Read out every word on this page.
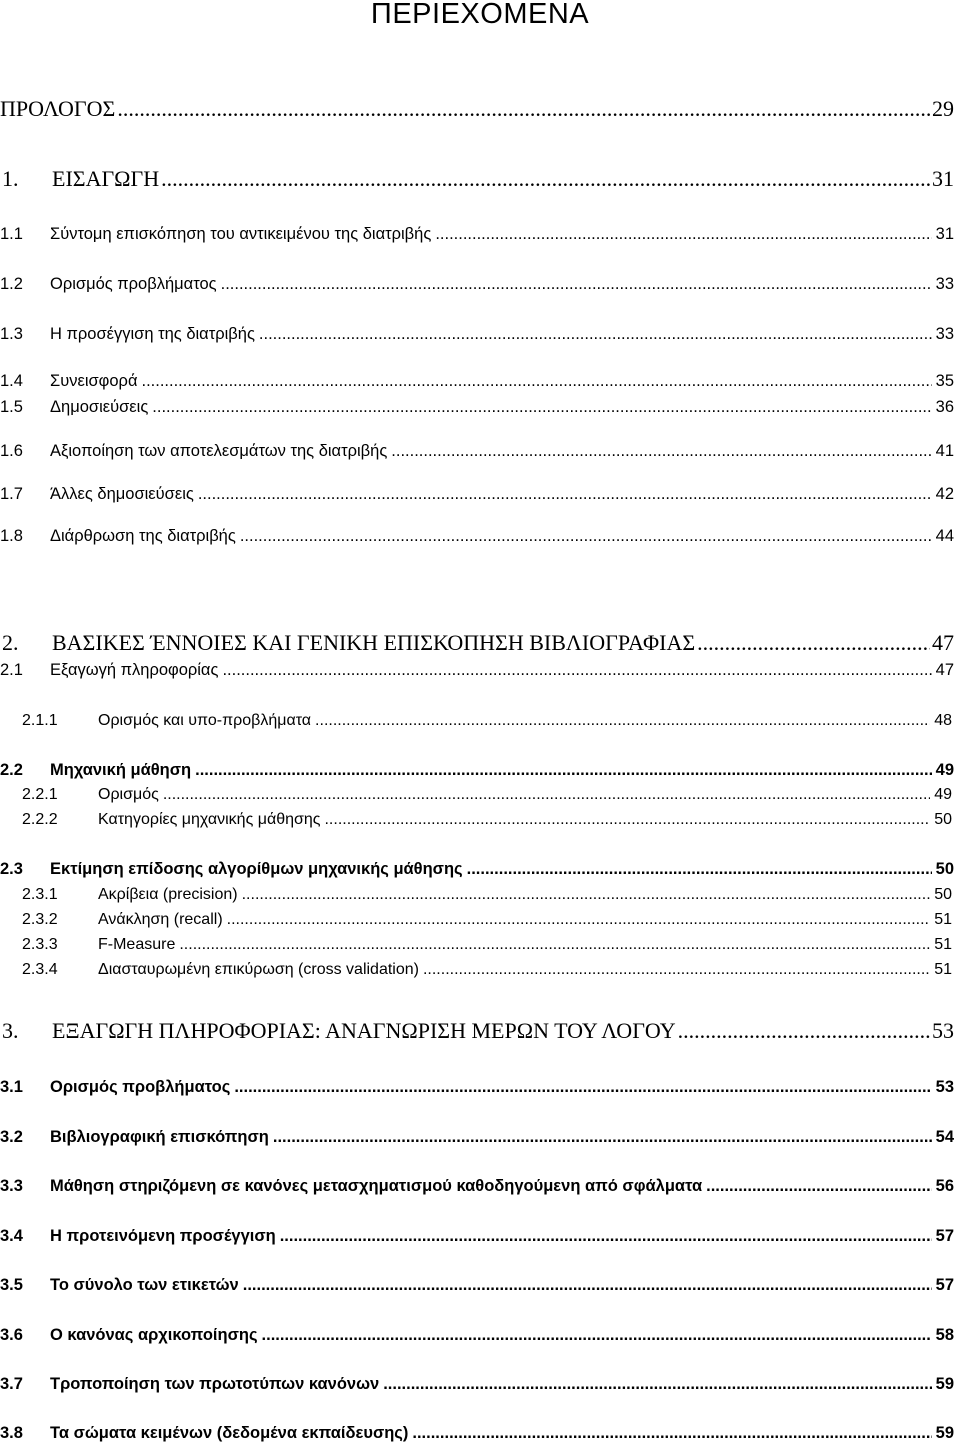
ΠΕΡΙΕΧΟΜΕΝΑ
ΠΡΟΛΟΓΟΣ .....	29
1.	ΕΙΣΑΓΩΓΗ .....	31
1.1	Σύντομη επισκόπηση του αντικειμένου της διατριβής .....	31
1.2	Ορισμός προβλήματος .....	33
1.3	Η προσέγγιση της διατριβής .....	33
1.4	Συνεισφορά .....	35
1.5	Δημοσιεύσεις .....	36
1.6	Αξιοποίηση των αποτελεσμάτων της διατριβής .....	41
1.7	Άλλες δημοσιεύσεις .....	42
1.8	Διάρθρωση της διατριβής .....	44
2.	ΒΑΣΙΚΕΣ ΈΝΝΟΙΕΣ ΚΑΙ ΓΕΝΙΚΗ ΕΠΙΣΚΟΠΗΣΗ ΒΙΒΛΙΟΓΡΑΦΙΑΣ .....	47
2.1	Εξαγωγή πληροφορίας .....	47
2.1.1	Ορισμός και υπο-προβλήματα .....	48
2.2	Μηχανική μάθηση .....	49
2.2.1	Ορισμός .....	49
2.2.2	Κατηγορίες μηχανικής μάθησης .....	50
2.3	Εκτίμηση επίδοσης αλγορίθμων μηχανικής μάθησης .....	50
2.3.1	Ακρίβεια (precision) .....	50
2.3.2	Ανάκληση (recall) .....	51
2.3.3	F-Measure .....	51
2.3.4	Διασταυρωμένη επικύρωση (cross validation) .....	51
3.	ΕΞΑΓΩΓΗ ΠΛΗΡΟΦΟΡΙΑΣ: ΑΝΑΓΝΩΡΙΣΗ ΜΕΡΩΝ ΤΟΥ ΛΟΓΟΥ .....	53
3.1	Ορισμός προβλήματος .....	53
3.2	Βιβλιογραφική επισκόπηση .....	54
3.3	Μάθηση στηριζόμενη σε κανόνες μετασχηματισμού καθοδηγούμενη από σφάλματα .....	56
3.4	Η προτεινόμενη προσέγγιση .....	57
3.5	Το σύνολο των ετικετών .....	57
3.6	Ο κανόνας αρχικοποίησης .....	58
3.7	Τροποποίηση των πρωτοτύπων κανόνων .....	59
3.8	Τα σώματα κειμένων (δεδομένα εκπαίδευσης) .....	59
